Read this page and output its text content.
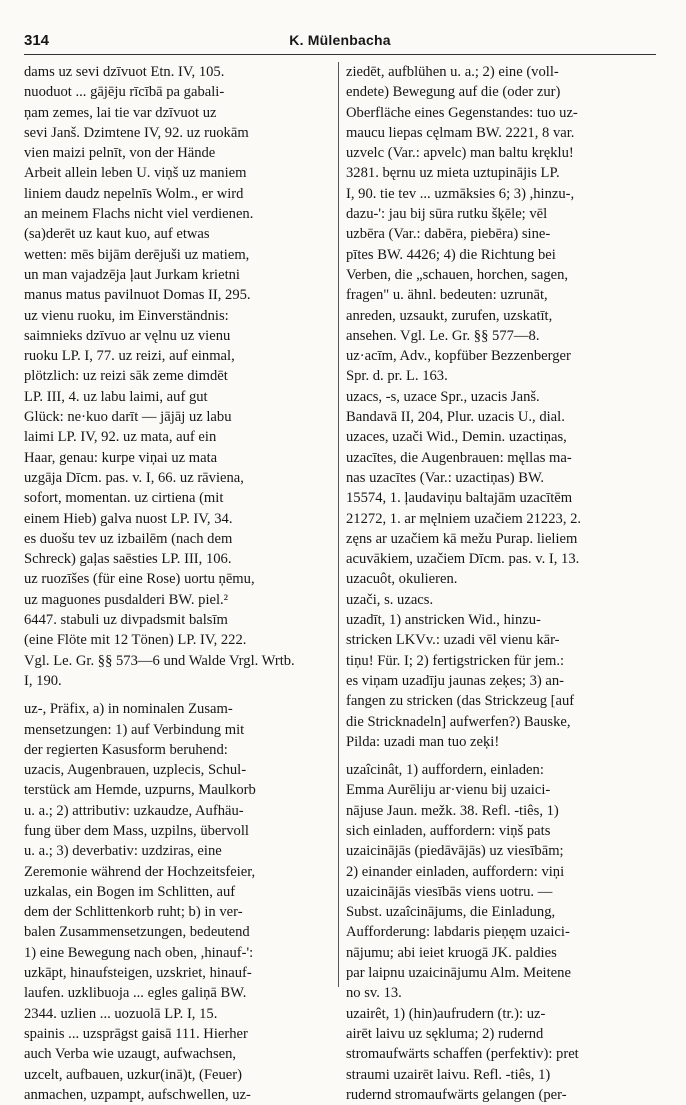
314	K. Mülenbacha
dams uz sevi dzīvuot Etn. IV, 105.
nuoduot ... gājēju rīcībā pa gabali-
ņam zemes, lai tie var dzīvuot uz
sevi Janš. Dzimtene IV, 92. uz ruokām
vien maizi pelnīt, von der Hände
Arbeit allein leben U. viņš uz maniem
liniem daudz nepelnīs Wolm., er wird
an meinem Flachs nicht viel verdienen.
(sa)derēt uz kaut kuo, auf etwas
wetten: mēs bijām derējuši uz matiem,
un man vajadzēja ļaut Jurkam krietni
manus matus pavilnuot Domas II, 295.
uz vienu ruoku, im Einverständnis:
saimnieks dzīvuo ar vęlnu uz vienu
ruoku LP. I, 77. uz reizi, auf einmal,
plötzlich: uz reizi sāk zeme dimdēt
LP. III, 4. uz labu laimi, auf gut
Glück: ne·kuo darīt — jājāj uz labu
laimi LP. IV, 92. uz mata, auf ein
Haar, genau: kurpe viņai uz mata
uzgāja Dīcm. pas. v. I, 66. uz rāviena,
sofort, momentan. uz cirtiena (mit
einem Hieb) galva nuost LP. IV, 34.
es duošu tev uz izbailēm (nach dem
Schreck) gaļas saēsties LP. III, 106.
uz ruozīšes (für eine Rose) uortu ņēmu,
uz maguones pusdalderi BW. piel.²
6447. stabuli uz divpadsmit balsīm
(eine Flöte mit 12 Tönen) LP. IV, 222.
Vgl. Le. Gr. §§ 573—6 und Walde Vrgl. Wrtb.
I, 190.
uz-, Präfix, a) in nominalen Zusam-
mensetzungen: 1) auf Verbindung mit
der regierten Kasusform beruhend:
uzacis, Augenbrauen, uzplecis, Schul-
terstück am Hemde, uzpurns, Maulkorb
u. a.; 2) attributiv: uzkaudze, Aufhäu-
fung über dem Mass, uzpilns, übervoll
u. a.; 3) deverbativ: uzdziras, eine
Zeremonie während der Hochzeitsfeier,
uzkalas, ein Bogen im Schlitten, auf
dem der Schlittenkorb ruht; b) in ver-
balen Zusammensetzungen, bedeutend
1) eine Bewegung nach oben, ,hinauf-':
uzkāpt, hinaufsteigen, uzskriet, hinauf-
laufen. uzklibuoja ... egles galiņā BW.
2344. uzlien ... uozuolā LP. I, 15.
spainis ... uzsprāgst gaisā 111. Hierher
auch Verba wie uzaugt, aufwachsen,
uzcelt, aufbauen, uzkur(inā)t, (Feuer)
anmachen, uzpampt, aufschwellen, uz-
ziedēt, aufblühen u. a.; 2) eine (voll-
endete) Bewegung auf die (oder zur)
Oberfläche eines Gegenstandes: tuo uz-
maucu liepas cęlmam BW. 2221, 8 var.
uzvelc (Var.: apvelc) man baltu kręklu!
3281. bęrnu uz mieta uztupinājis LP.
I, 90. tie tev ... uzmāksies 6; 3) ,hinzu-,
dazu-': jau bij sūra rutku šķēle; vēl
uzbēra (Var.: dabēra, piebēra) sine-
pītes BW. 4426; 4) die Richtung bei
Verben, die „schauen, horchen, sagen,
fragen" u. ähnl. bedeuten: uzrunāt,
anreden, uzsaukt, zurufen, uzskatīt,
ansehen. Vgl. Le. Gr. §§ 577—8.
uz·acīm, Adv., kopfüber Bezzenberger
Spr. d. pr. L. 163.
uzacs, -s, uzace Spr., uzacis Janš.
Bandavā II, 204, Plur. uzacis U., dial.
uzaces, uzači Wid., Demin. uzactiņas,
uzacītes, die Augenbrauen: męllas ma-
nas uzacītes (Var.: uzactiņas) BW.
15574, 1. ļaudaviņu baltajām uzacītēm
21272, 1. ar męlniem uzačiem 21223, 2.
zęns ar uzačiem kā mežu Purap. lieliem
acuvākiem, uzačiem Dīcm. pas. v. I, 13.
uzacuôt, okulieren.
uzači, s. uzacs.
uzadīt, 1) anstricken Wid., hinzu-
stricken LKVv.: uzadi vēl vienu kār-
tiņu! Für. I; 2) fertigstricken für jem.:
es viņam uzadīju jaunas zeķes; 3) an-
fangen zu stricken (das Strickzeug [auf
die Stricknadeln] aufwerfen?) Bauske,
Pilda: uzadi man tuo zeķi!
uzaîcinât, 1) auffordern, einladen:
Emma Aurēliju ar·vienu bij uzaici-
nājuse Jaun. mežk. 38. Refl. -tiês, 1)
sich einladen, auffordern: viņš pats
uzaicinājās (piedāvājās) uz viesībām;
2) einander einladen, auffordern: viņi
uzaicinājās viesībās viens uotru. —
Subst. uzaîcinājums, die Einladung,
Aufforderung: labdaris pieņęm uzaici-
nājumu; abi ieiet kruogā JK. paldies
par laipnu uzaicinājumu Alm. Meitene
no sv. 13.
uzairêt, 1) (hin)aufrudern (tr.): uz-
airēt laivu uz sękluma; 2) rudernd
stromaufwärts schaffen (perfektiv): pret
straumi uzairēt laivu. Refl. -tiês, 1)
rudernd stromaufwärts gelangen (per-
